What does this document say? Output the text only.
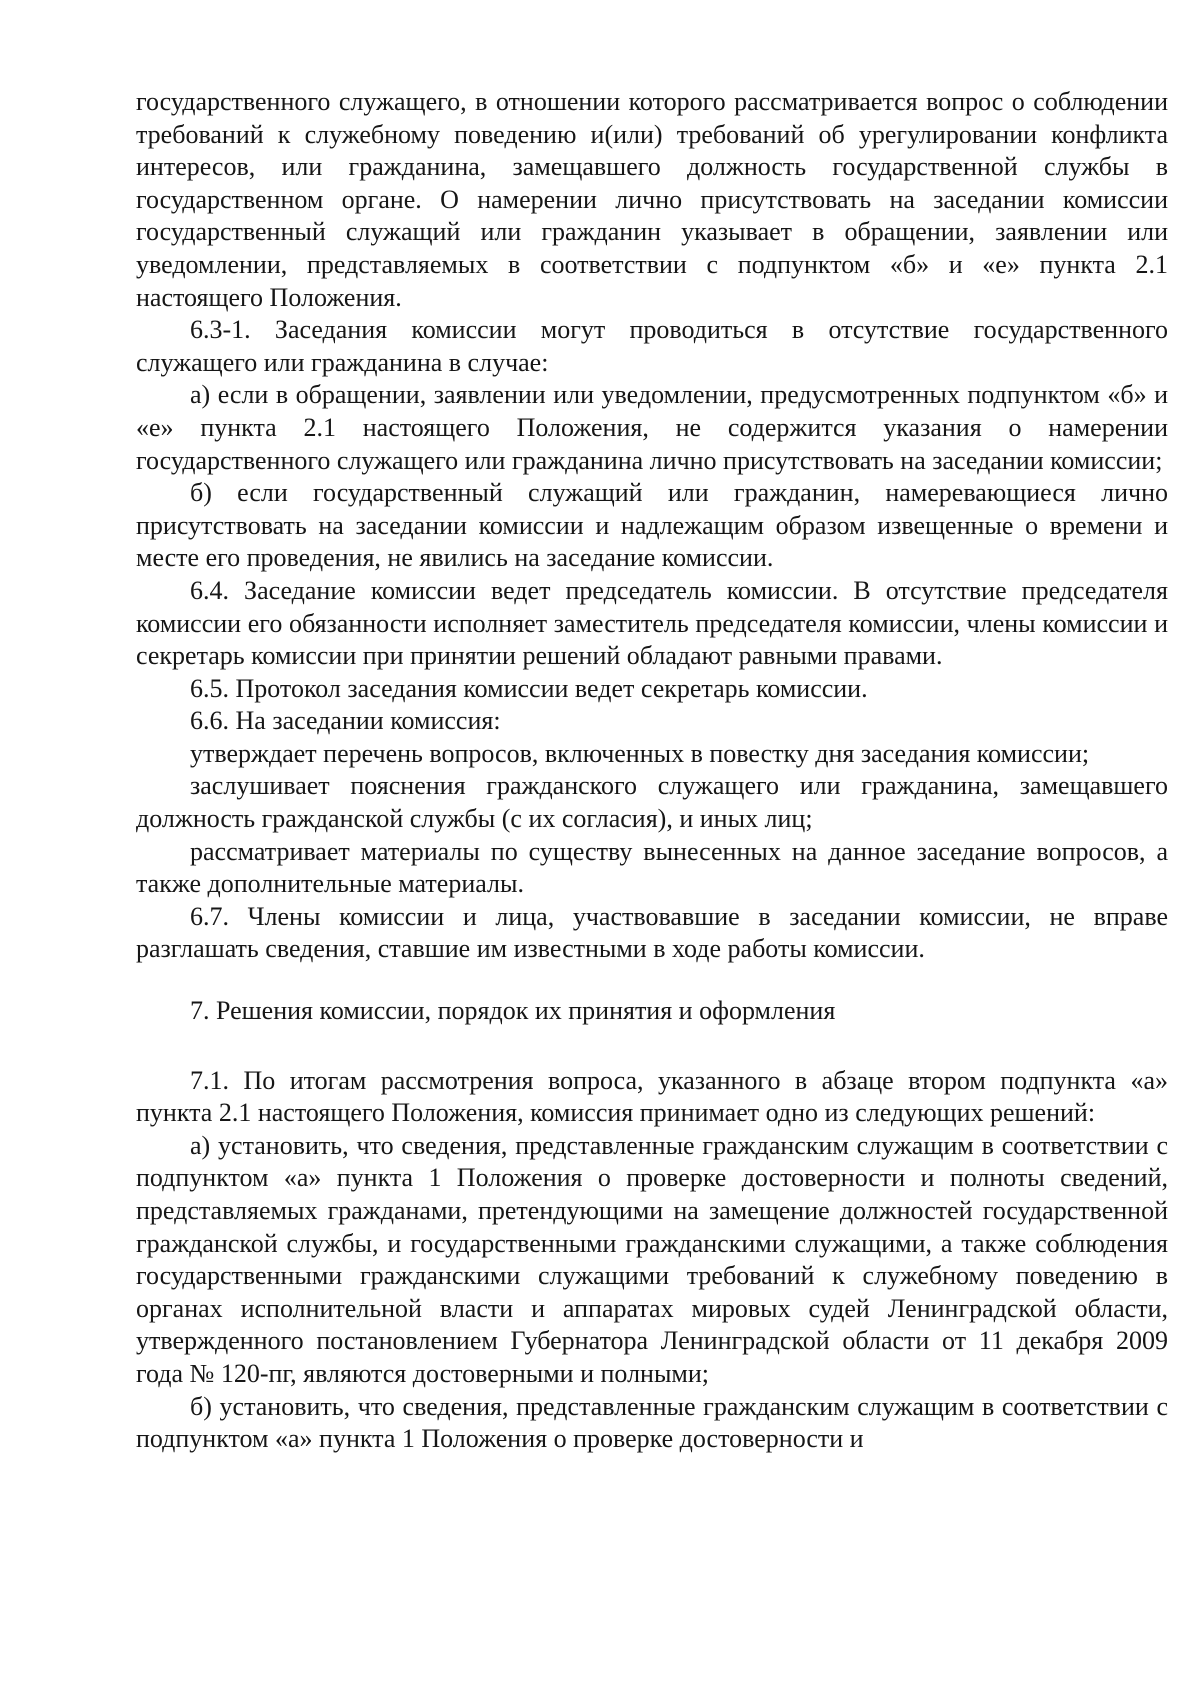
государственного служащего, в отношении которого рассматривается вопрос о соблюдении требований к служебному поведению и(или) требований об урегулировании конфликта интересов, или гражданина, замещавшего должность государственной службы в государственном органе. О намерении лично присутствовать на заседании комиссии государственный служащий или гражданин указывает в обращении, заявлении или уведомлении, представляемых в соответствии с подпунктом «б» и «е» пункта 2.1 настоящего Положения.

6.3-1. Заседания комиссии могут проводиться в отсутствие государственного служащего или гражданина в случае:

а) если в обращении, заявлении или уведомлении, предусмотренных подпунктом «б» и «е» пункта 2.1 настоящего Положения, не содержится указания о намерении государственного служащего или гражданина лично присутствовать на заседании комиссии;

б) если государственный служащий или гражданин, намеревающиеся лично присутствовать на заседании комиссии и надлежащим образом извещенные о времени и месте его проведения, не явились на заседание комиссии.

6.4. Заседание комиссии ведет председатель комиссии. В отсутствие председателя комиссии его обязанности исполняет заместитель председателя комиссии, члены комиссии и секретарь комиссии при принятии решений обладают равными правами.

6.5. Протокол заседания комиссии ведет секретарь комиссии.

6.6. На заседании комиссия:

утверждает перечень вопросов, включенных в повестку дня заседания комиссии;

заслушивает пояснения гражданского служащего или гражданина, замещавшего должность гражданской службы (с их согласия), и иных лиц;

рассматривает материалы по существу вынесенных на данное заседание вопросов, а также дополнительные материалы.

6.7. Члены комиссии и лица, участвовавшие в заседании комиссии, не вправе разглашать сведения, ставшие им известными в ходе работы комиссии.

7. Решения комиссии, порядок их принятия и оформления

7.1. По итогам рассмотрения вопроса, указанного в абзаце втором подпункта «а» пункта 2.1 настоящего Положения, комиссия принимает одно из следующих решений:

а) установить, что сведения, представленные гражданским служащим в соответствии с подпунктом «а» пункта 1 Положения о проверке достоверности и полноты сведений, представляемых гражданами, претендующими на замещение должностей государственной гражданской службы, и государственными гражданскими служащими, а также соблюдения государственными гражданскими служащими требований к служебному поведению в органах исполнительной власти и аппаратах мировых судей Ленинградской области, утвержденного постановлением Губернатора Ленинградской области от 11 декабря 2009 года № 120-пг, являются достоверными и полными;

б) установить, что сведения, представленные гражданским служащим в соответствии с подпунктом «а» пункта 1 Положения о проверке достоверности и
